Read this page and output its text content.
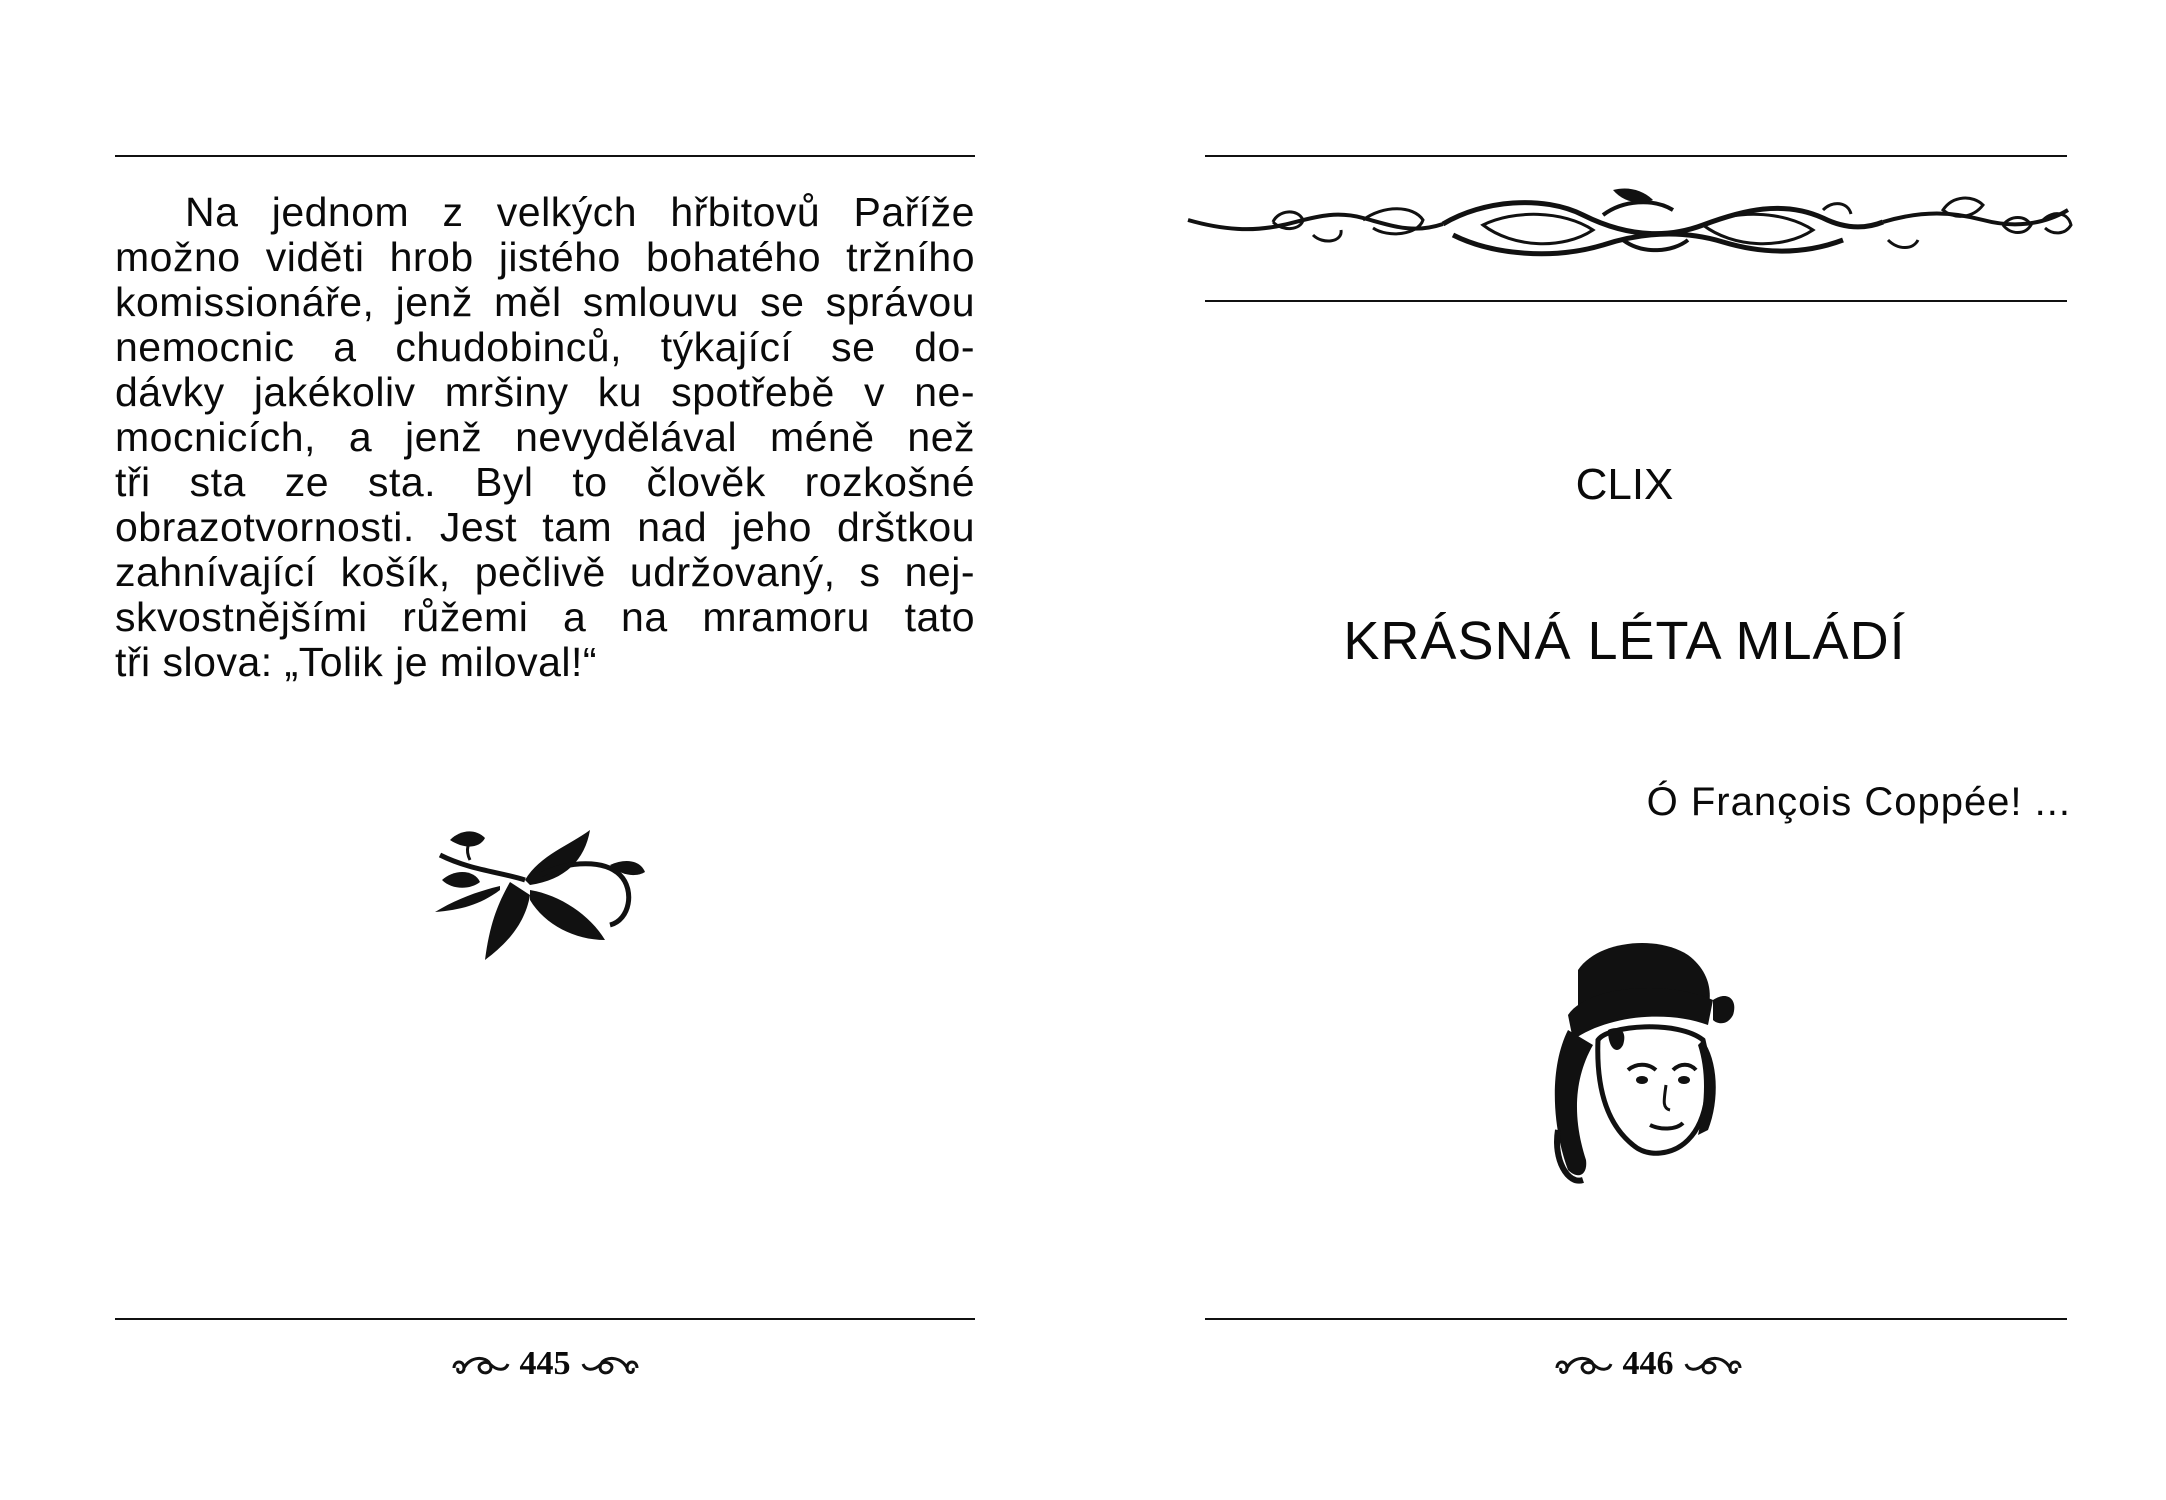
Na jednom z velkých hřbitovů Paříže
možno viděti hrob jistého bohatého tržního
komissionáře, jenž měl smlouvu se správou
nemocnic a chudobinců, týkající se do-
dávky jakékoliv mršiny ku spotřebě v ne-
mocnicích, a jenž nevydělával méně než
tři sta ze sta. Byl to člověk rozkošné
obrazotvornosti. Jest tam nad jeho drštkou
zahnívající košík, pečlivě udržovaný, s nej-
skvostnějšími růžemi a na mramoru tato
tři slova: „Tolik je miloval!“
445
CLIX
KRÁSNÁ LÉTA MLÁDÍ
Ó François Coppée! ...
446
